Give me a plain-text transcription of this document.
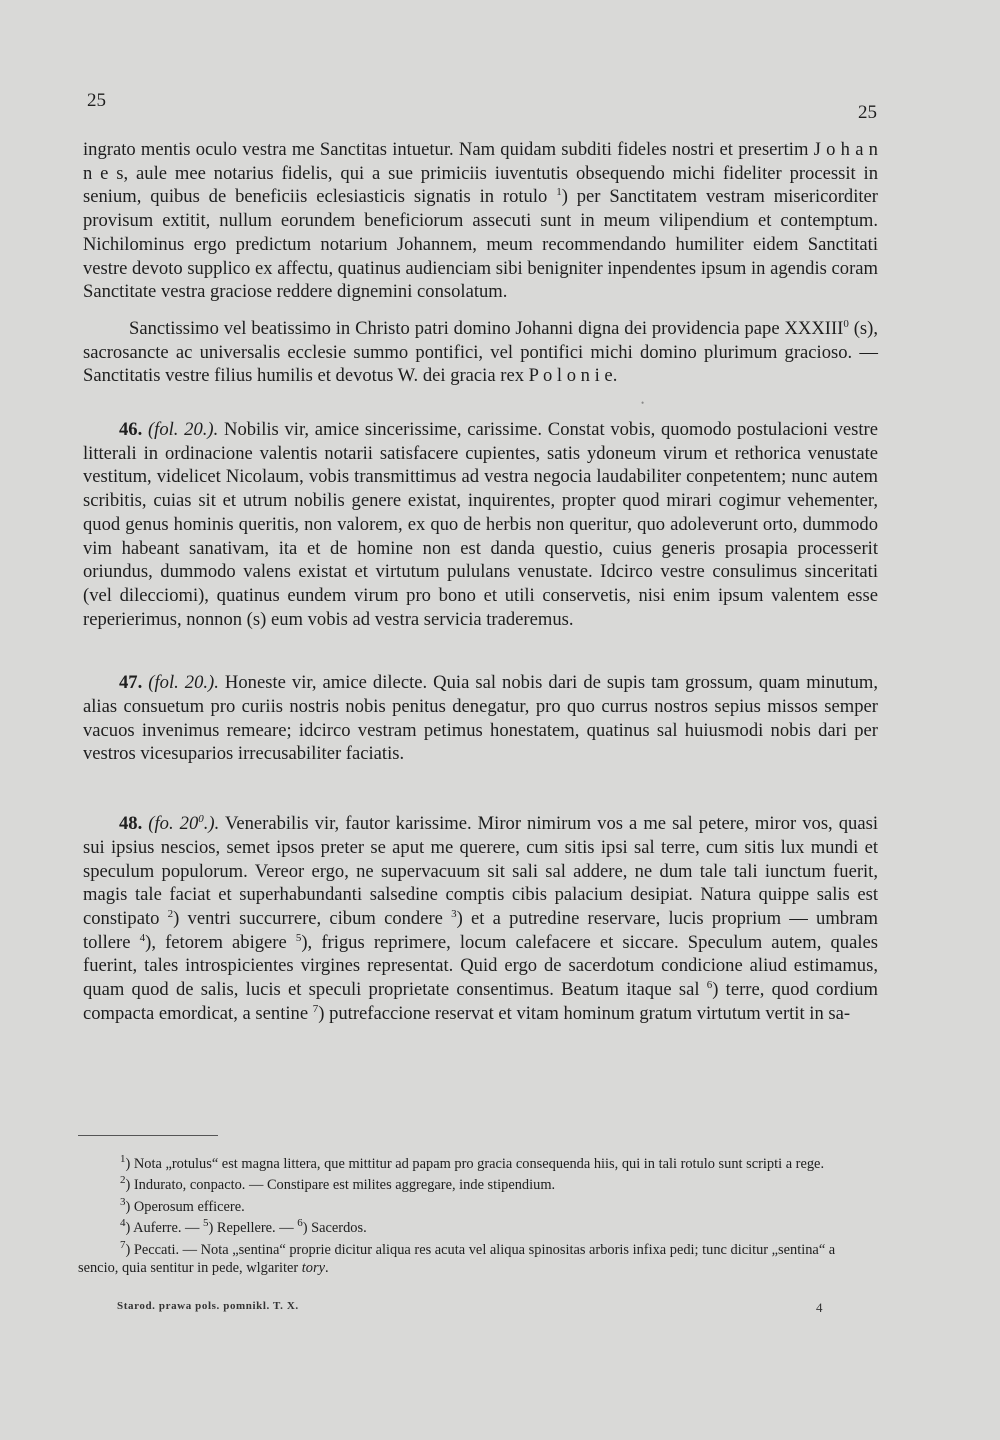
25
25

ingrato mentis oculo vestra me Sanctitas intuetur. Nam quidam subditi fideles nostri et presertim J o h a n n e s, aule mee notarius fidelis, qui a sue primiciis iuventutis obsequendo michi fideliter processit in senium, quibus de beneficiis eclesiasticis signatis in rotulo $^1$) per Sanctitatem vestram misericorditer provisum extitit, nullum eorundem beneficiorum assecuti sunt in meum vilipendium et contemptum. Nichilominus ergo predictum notarium Johannem, meum recommendando humiliter eidem Sanctitati vestre devoto supplico ex affectu, quatinus audienciam sibi benigniter inpendentes ipsum in agendis coram Sanctitate vestra graciose reddere dignemini consolatum.

Sanctissimo vel beatissimo in Christo patri domino Johanni digna dei providencia pape XXXIII$^0$ (s), sacrosancte ac universalis ecclesie summo pontifici, vel pontifici michi domino plurimum gracioso. — Sanctitatis vestre filius humilis et devotus W. dei gracia rex P o l o n i e.

•

46. (fol. 20.). Nobilis vir, amice sincerissime, carissime. Constat vobis, quomodo postulacioni vestre litterali in ordinacione valentis notarii satisfacere cupientes, satis ydoneum virum et rethorica venustate vestitum, videlicet Nicolaum, vobis transmittimus ad vestra negocia laudabiliter conpetentem; nunc autem scribitis, cuias sit et utrum nobilis genere existat, inquirentes, propter quod mirari cogimur vehementer, quod genus hominis queritis, non valorem, ex quo de herbis non queritur, quo adoleverunt orto, dummodo vim habeant sanativam, ita et de homine non est danda questio, cuius generis prosapia processerit oriundus, dummodo valens existat et virtutum pululans venustate. Idcirco vestre consulimus sinceritati (vel dilecciomi), quatinus eundem virum pro bono et utili conservetis, nisi enim ipsum valentem esse reperierimus, nonnon (s) eum vobis ad vestra servicia traderemus.

47. (fol. 20.). Honeste vir, amice dilecte. Quia sal nobis dari de supis tam grossum, quam minutum, alias consuetum pro curiis nostris nobis penitus denegatur, pro quo currus nostros sepius missos semper vacuos invenimus remeare; idcirco vestram petimus honestatem, quatinus sal huiusmodi nobis dari per vestros vicesuparios irrecusabiliter faciatis.

48. (fo. $20^0$.). Venerabilis vir, fautor karissime. Miror nimirum vos a me sal petere, miror vos, quasi sui ipsius nescios, semet ipsos preter se aput me querere, cum sitis ipsi sal terre, cum sitis lux mundi et speculum populorum. Vereor ergo, ne supervacuum sit sali sal addere, ne dum tale tali iunctum fuerit, magis tale faciat et superhabundanti salsedine comptis cibis palacium desipiat. Natura quippe salis est constipato $^2$) ventri succurrere, cibum condere $^3$) et a putredine reservare, lucis proprium — umbram tollere $^4$), fetorem abigere $^5$), frigus reprimere, locum calefacere et siccare. Speculum autem, quales fuerint, tales introspicientes virgines representat. Quid ergo de sacerdotum condicione aliud estimamus, quam quod de salis, lucis et speculi proprietate consentimus. Beatum itaque sal $^6$) terre, quod cordium compacta emordicat, a sentine $^7$) putrefaccione reservat et vitam hominum gratum virtutum vertit in sa-

$^1$) Nota „rotulus“ est magna littera, que mittitur ad papam pro gracia consequenda hiis, qui in tali rotulo sunt scripti a rege.

$^2$) Indurato, conpacto. — Constipare est milites aggregare, inde stipendium.

$^3$) Operosum efficere.

$^4$) Auferre. — $^5$) Repellere. — $^6$) Sacerdos.

$^7$) Peccati. — Nota „sentina“ proprie dicitur aliqua res acuta vel aliqua spinositas arboris infixa pedi; tunc dicitur „sentina“ a sencio, quia sentitur in pede, wlgariter tory.

Starod. prawa pols. pomnikl. T. X.	4
